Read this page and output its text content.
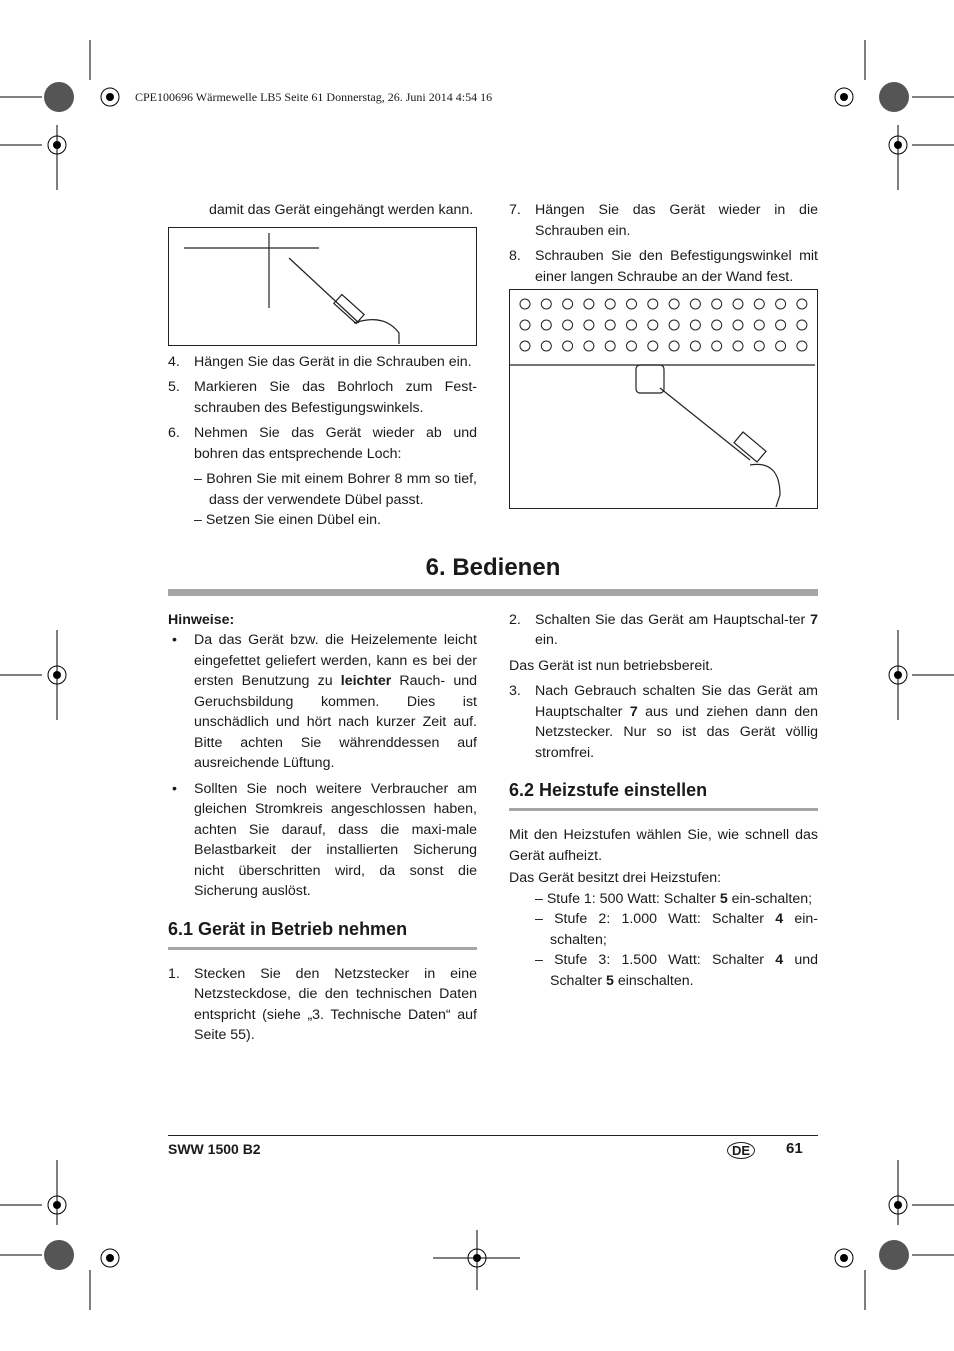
CPE100696 Wärmewelle LB5 Seite 61 Donnerstag, 26. Juni 2014 4:54 16
damit das Gerät eingehängt werden kann.
4. Hängen Sie das Gerät in die Schrauben ein.
5. Markieren Sie das Bohrloch zum Fest-schrauben des Befestigungswinkels.
6. Nehmen Sie das Gerät wieder ab und bohren das entsprechende Loch:
– Bohren Sie mit einem Bohrer 8 mm so tief, dass der verwendete Dübel passt.
– Setzen Sie einen Dübel ein.
7. Hängen Sie das Gerät wieder in die Schrauben ein.
8. Schrauben Sie den Befestigungswinkel mit einer langen Schraube an der Wand fest.
6. Bedienen
Hinweise:
•	Da das Gerät bzw. die Heizelemente leicht eingefettet geliefert werden, kann es bei der ersten Benutzung zu leichter Rauch- und Geruchsbildung kommen. Dies ist unschädlich und hört nach kurzer Zeit auf. Bitte achten Sie währenddessen auf ausreichende Lüftung.
•	Sollten Sie noch weitere Verbraucher am gleichen Stromkreis angeschlossen haben, achten Sie darauf, dass die maxi-male Belastbarkeit der installierten Sicherung nicht überschritten wird, da sonst die Sicherung auslöst.
6.1 Gerät in Betrieb nehmen
1. Stecken Sie den Netzstecker in eine Netzsteckdose, die den technischen Daten entspricht (siehe „3. Technische Daten“ auf Seite 55).
2. Schalten Sie das Gerät am Hauptschal-ter 7 ein.
Das Gerät ist nun betriebsbereit.
3. Nach Gebrauch schalten Sie das Gerät am Hauptschalter 7 aus und ziehen dann den Netzstecker. Nur so ist das Gerät völlig stromfrei.
6.2 Heizstufe einstellen
Mit den Heizstufen wählen Sie, wie schnell das Gerät aufheizt.
Das Gerät besitzt drei Heizstufen:
– Stufe 1: 500 Watt: Schalter 5 ein-schalten;
– Stufe 2: 1.000 Watt: Schalter 4 ein-schalten;
– Stufe 3: 1.500 Watt: Schalter 4 und Schalter 5 einschalten.
SWW 1500 B2	DE	61
